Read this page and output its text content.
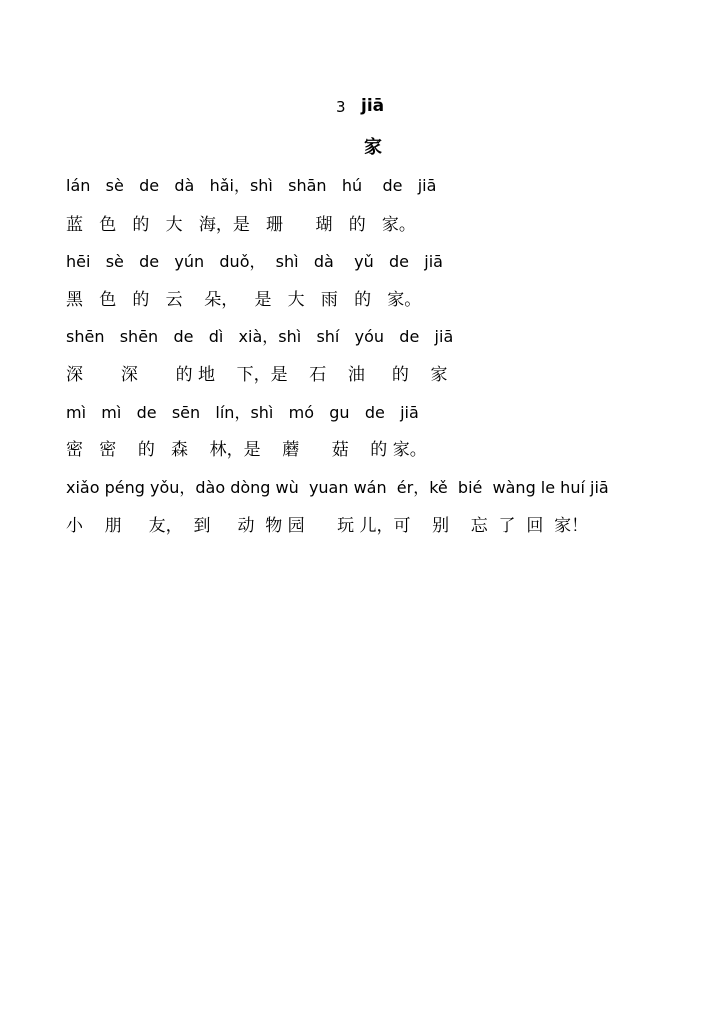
3 jiā
家
lán   sè   de   dà   hǎi，shì   shān   hú    de   jiā
蓝   色   的   大   海，是   珊      瑚   的   家。
hēi   sè   de   yún   duǒ，  shì   dà    yǔ   de   jiā
黑   色   的   云    朵，   是   大   雨   的   家。
shēn   shēn   de   dì   xià，shì   shí   yóu   de   jiā
深       深       的 地    下，是    石    油     的    家
mì   mì   de   sēn   lín，shì   mó   gu   de   jiā
密   密    的   森    林，是    蘑      菇    的 家。
xiǎo péng yǒu，dào dòng wù  yuan wán  ér，kě  bié  wàng le huí jiā
小    朋     友，  到     动  物 园      玩 儿，可    别    忘  了  回  家！
